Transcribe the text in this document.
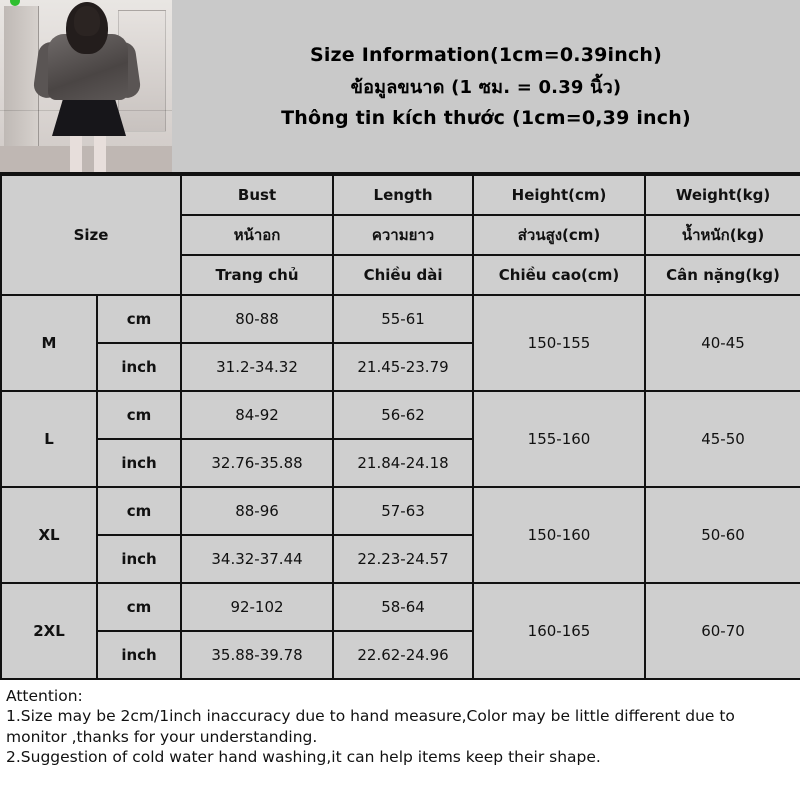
Size Information(1cm=0.39inch)
ข้อมูลขนาด (1 ซม. = 0.39 นิ้ว)
Thông tin kích thước (1cm=0,39 inch)
Size		Bust	Length	Height(cm)	Weight(kg)
		หน้าอก	ความยาว	ส่วนสูง(cm)	น้ำหนัก(kg)
		Trang chủ	Chiều dài	Chiều cao(cm)	Cân nặng(kg)
M	cm	80-88	55-61	150-155	40-45
	inch	31.2-34.32	21.45-23.79		
L	cm	84-92	56-62	155-160	45-50
	inch	32.76-35.88	21.84-24.18		
XL	cm	88-96	57-63	150-160	50-60
	inch	34.32-37.44	22.23-24.57		
2XL	cm	92-102	58-64	160-165	60-70
	inch	35.88-39.78	22.62-24.96		

Attention:

1.Size may be 2cm/1inch inaccuracy due to hand measure,Color may be little different due to monitor ,thanks for your understanding.

2.Suggestion of cold water hand washing,it can help items keep their shape.
